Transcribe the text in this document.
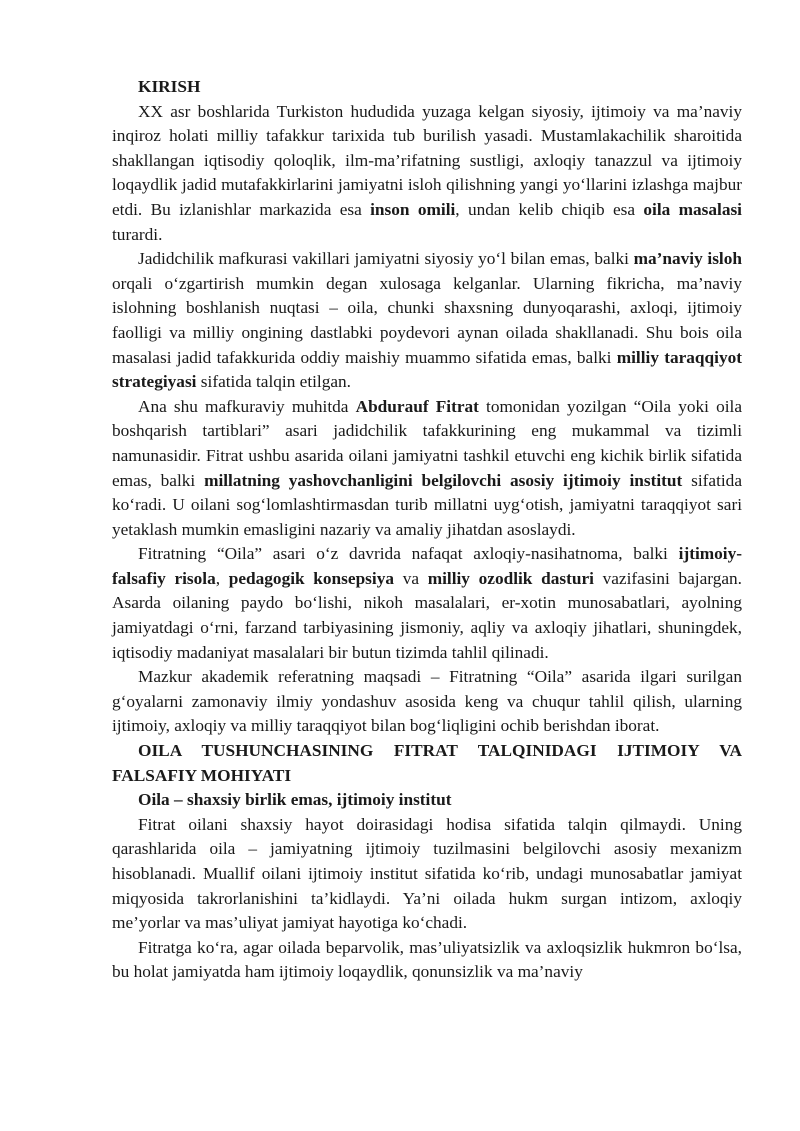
KIRISH

XX asr boshlarida Turkiston hududida yuzaga kelgan siyosiy, ijtimoiy va ma’naviy inqiroz holati milliy tafakkur tarixida tub burilish yasadi. Mustamlakachilik sharoitida shakllangan iqtisodiy qoloqlik, ilm-ma’rifatning sustligi, axloqiy tanazzul va ijtimoiy loqaydlik jadid mutafakkirlarini jamiyatni isloh qilishning yangi yo‘llarini izlashga majbur etdi. Bu izlanishlar markazida esa inson omili, undan kelib chiqib esa oila masalasi turardi.

Jadidchilik mafkurasi vakillari jamiyatni siyosiy yo‘l bilan emas, balki ma’naviy isloh orqali o‘zgartirish mumkin degan xulosaga kelganlar. Ularning fikricha, ma’naviy islohning boshlanish nuqtasi – oila, chunki shaxsning dunyoqarashi, axloqi, ijtimoiy faolligi va milliy ongining dastlabki poydevori aynan oilada shakllanadi. Shu bois oila masalasi jadid tafakkurida oddiy maishiy muammo sifatida emas, balki milliy taraqqiyot strategiyasi sifatida talqin etilgan.

Ana shu mafkuraviy muhitda Abdurauf Fitrat tomonidan yozilgan “Oila yoki oila boshqarish tartiblari” asari jadidchilik tafakkurining eng mukammal va tizimli namunasidir. Fitrat ushbu asarida oilani jamiyatni tashkil etuvchi eng kichik birlik sifatida emas, balki millatning yashovchanligini belgilovchi asosiy ijtimoiy institut sifatida ko‘radi. U oilani sog‘lomlashtirmasdan turib millatni uyg‘otish, jamiyatni taraqqiyot sari yetaklash mumkin emasligini nazariy va amaliy jihatdan asoslaydi.

Fitratning “Oila” asari o‘z davrida nafaqat axloqiy-nasihatnoma, balki ijtimoiy-falsafiy risola, pedagogik konsepsiya va milliy ozodlik dasturi vazifasini bajargan. Asarda oilaning paydo bo‘lishi, nikoh masalalari, er-xotin munosabatlari, ayolning jamiyatdagi o‘rni, farzand tarbiyasining jismoniy, aqliy va axloqiy jihatlari, shuningdek, iqtisodiy madaniyat masalalari bir butun tizimda tahlil qilinadi.

Mazkur akademik referatning maqsadi – Fitratning “Oila” asarida ilgari surilgan g‘oyalarni zamonaviy ilmiy yondashuv asosida keng va chuqur tahlil qilish, ularning ijtimoiy, axloqiy va milliy taraqqiyot bilan bog‘liqligini ochib berishdan iborat.

OILA TUSHUNCHASINING FITRAT TALQINIDAGI IJTIMOIY VA FALSAFIY MOHIYATI

Oila – shaxsiy birlik emas, ijtimoiy institut

Fitrat oilani shaxsiy hayot doirasidagi hodisa sifatida talqin qilmaydi. Uning qarashlarida oila – jamiyatning ijtimoiy tuzilmasini belgilovchi asosiy mexanizm hisoblanadi. Muallif oilani ijtimoiy institut sifatida ko‘rib, undagi munosabatlar jamiyat miqyosida takrorlanishini ta’kidlaydi. Ya’ni oilada hukm surgan intizom, axloqiy me’yorlar va mas’uliyat jamiyat hayotiga ko‘chadi.

Fitratga ko‘ra, agar oilada beparvolik, mas’uliyatsizlik va axloqsizlik hukmron bo‘lsa, bu holat jamiyatda ham ijtimoiy loqaydlik, qonunsizlik va ma’naviy
